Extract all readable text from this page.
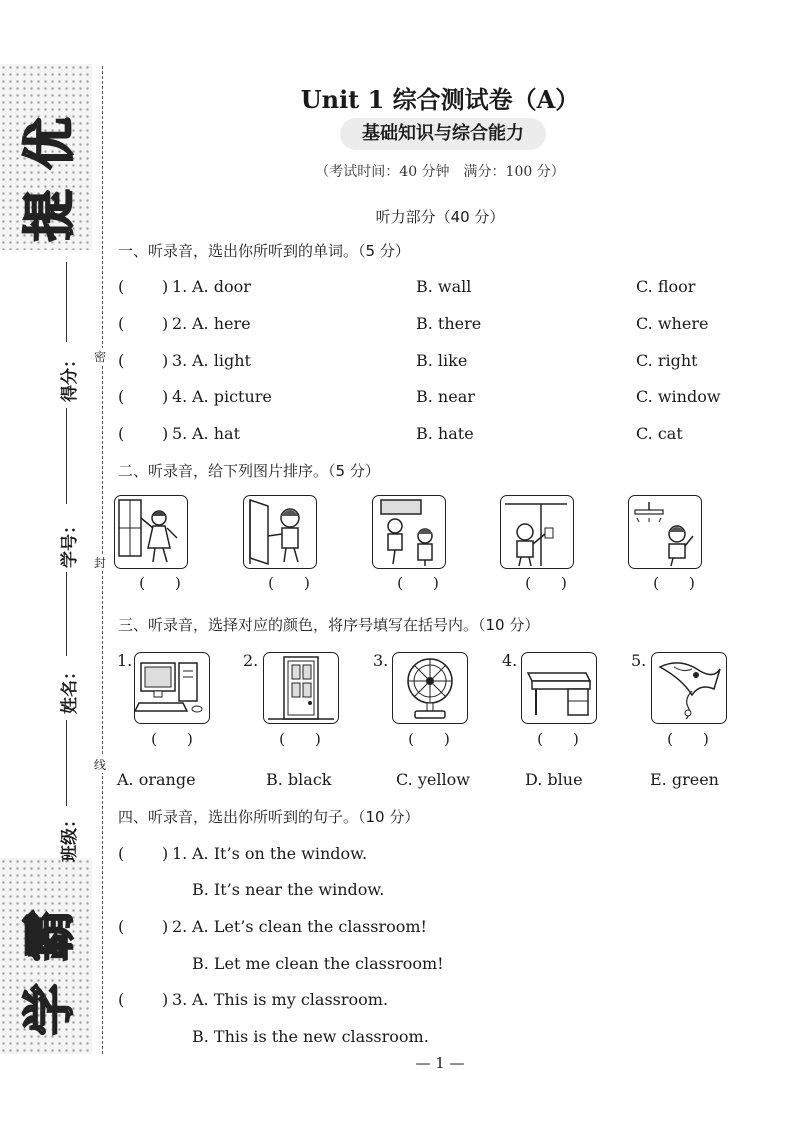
提
优
学
霸
得分：
学号：
姓名：
班级：
密
封
线
Unit 1 综合测试卷（A）
基础知识与综合能力
（考试时间：40 分钟　满分：100 分）
听力部分（40 分）
一、听录音，选出你所听到的单词。（5 分）
( ) 1. A. door	B. wall	C. floor
( ) 2. A. here	B. there	C. where
( ) 3. A. light	B. like	C. right
( ) 4. A. picture	B. near	C. window
( ) 5. A. hat	B. hate	C. cat
二、听录音，给下列图片排序。（5 分）
(　　)	(　　)	(　　)	(　　)	(　　)
三、听录音，选择对应的颜色，将序号填写在括号内。（10 分）
1.	2.	3.	4.	5.
(　　)	(　　)	(　　)	(　　)	(　　)
A. orange	B. black	C. yellow	D. blue	E. green
四、听录音，选出你所听到的句子。（10 分）
( ) 1. A. It’s on the window.
B. It’s near the window.
( ) 2. A. Let’s clean the classroom!
B. Let me clean the classroom!
( ) 3. A. This is my classroom.
B. This is the new classroom.
— 1 —
